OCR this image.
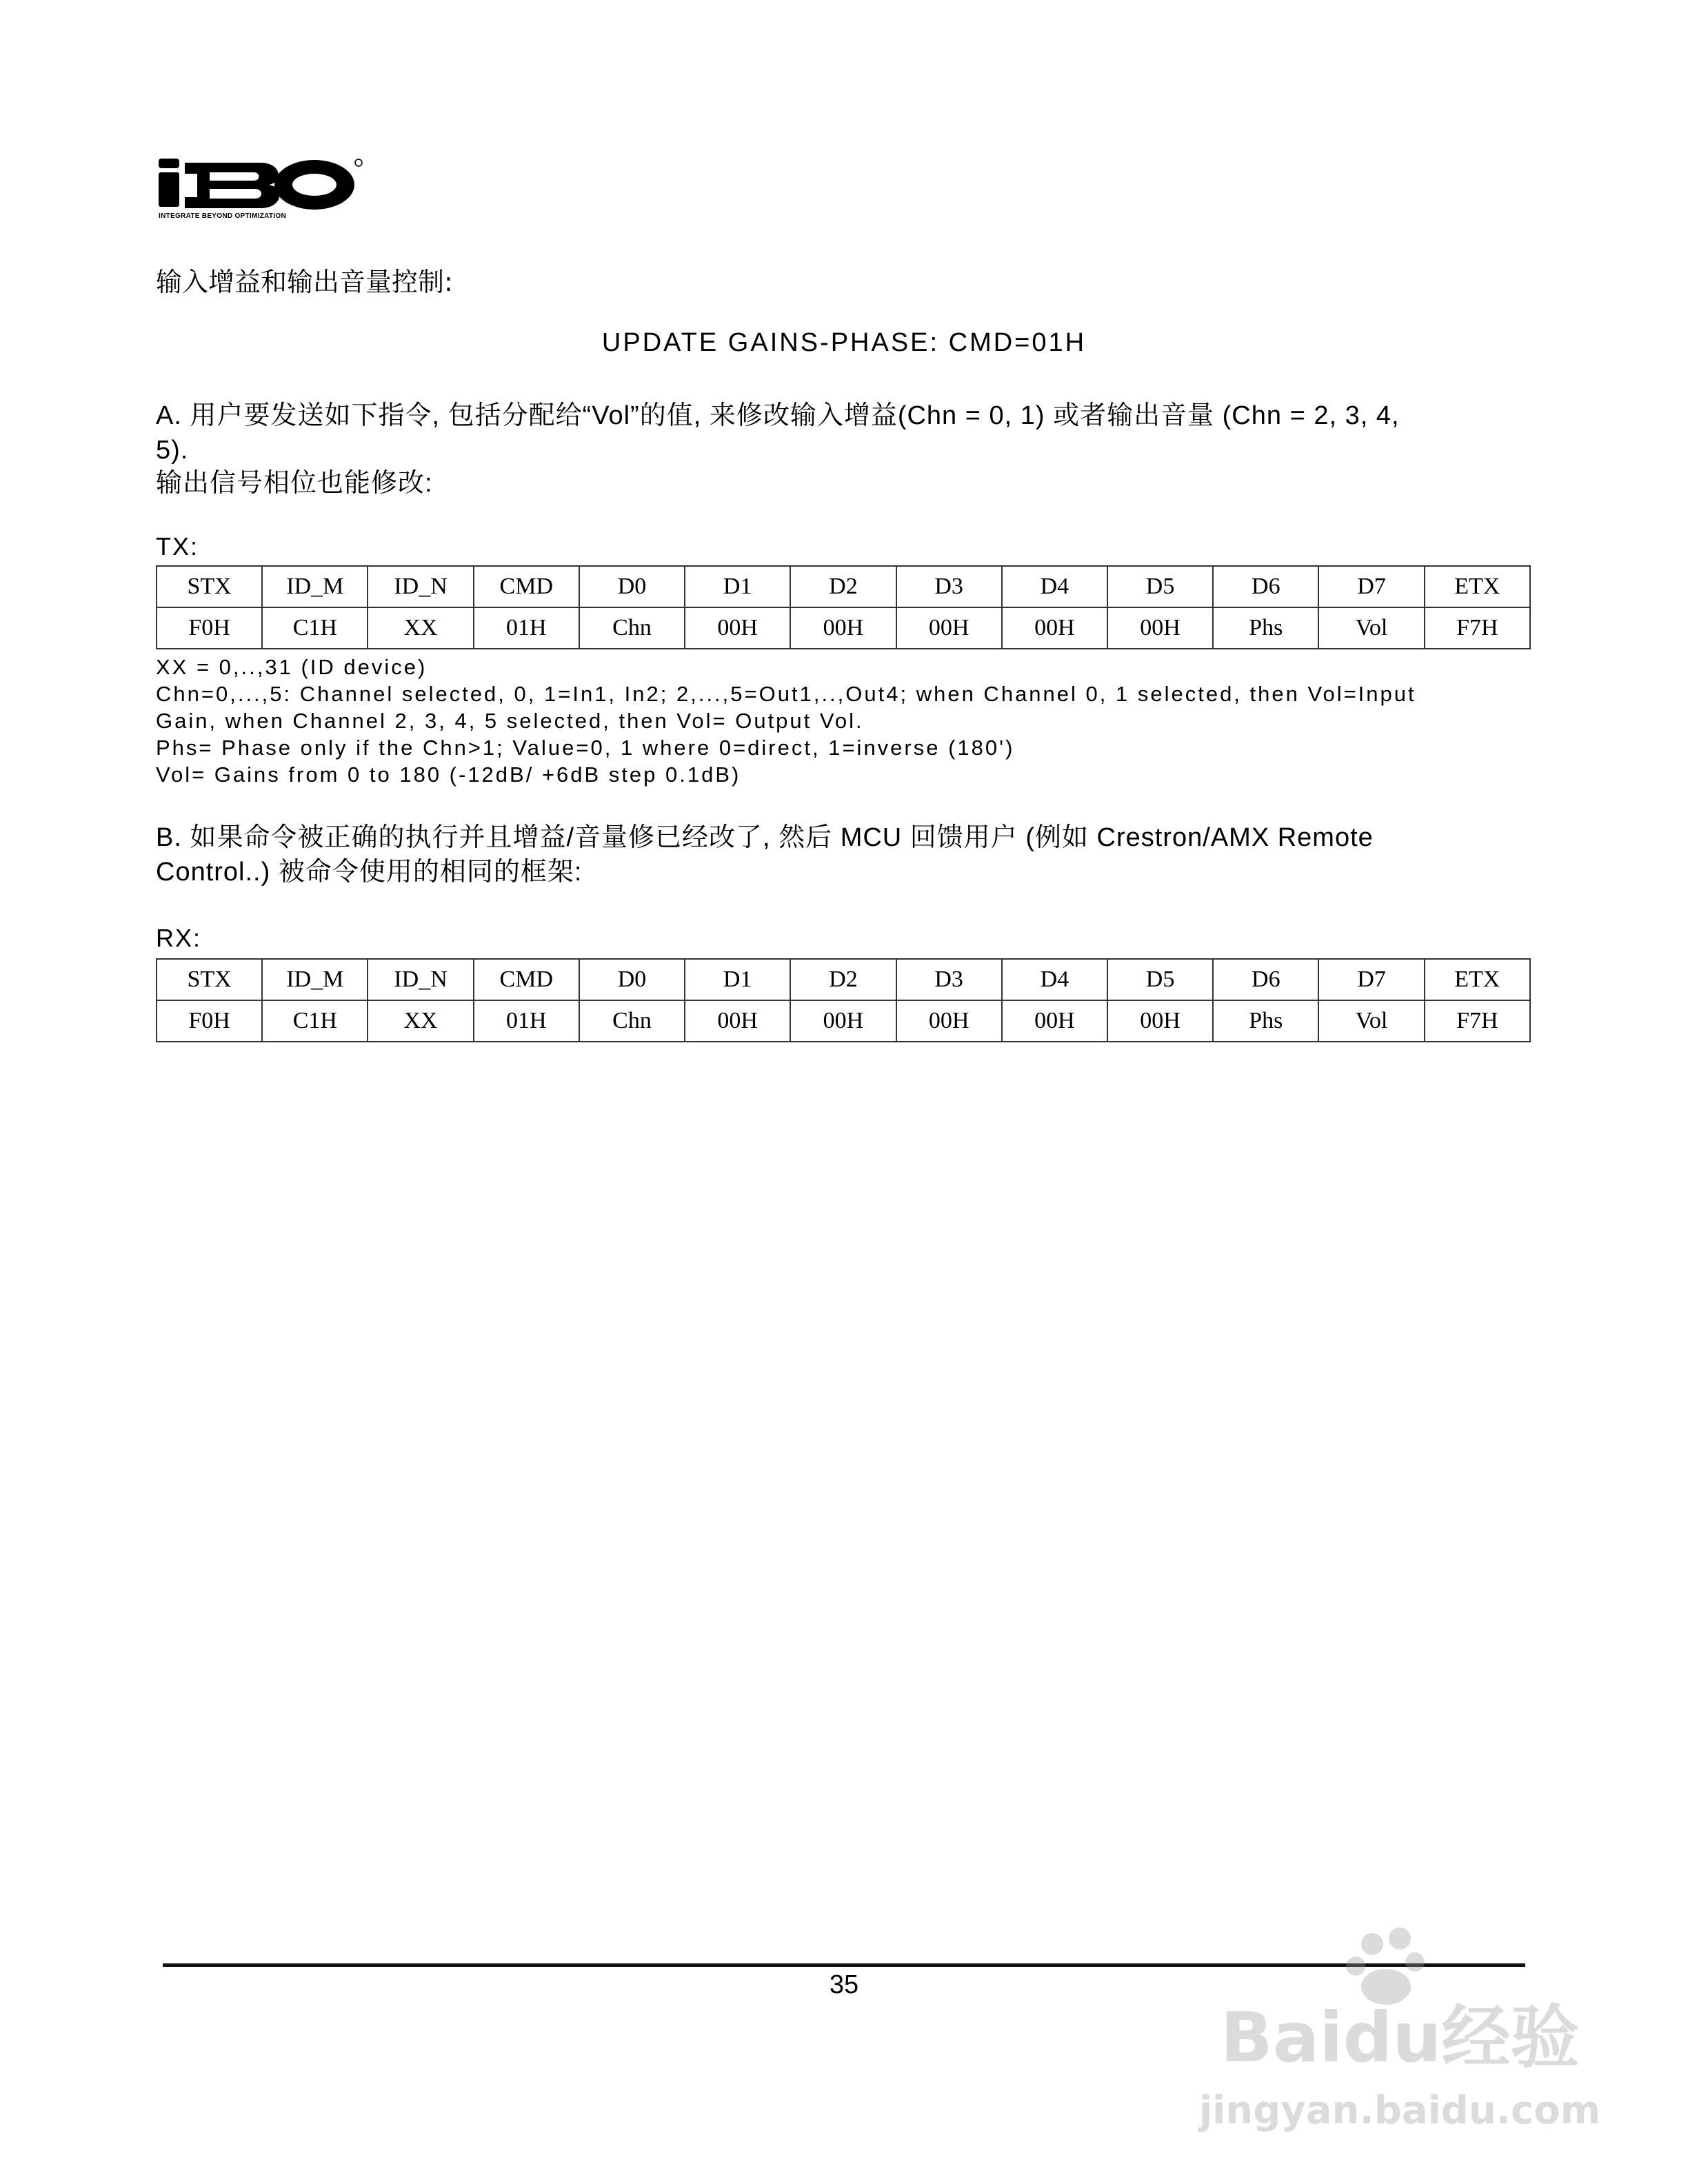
INTEGRATE BEYOND OPTIMIZATION
输入增益和输出音量控制:
UPDATE GAINS-PHASE: CMD=01H
A. 用户要发送如下指令, 包括分配给“Vol”的值, 来修改输入增益(Chn = 0, 1) 或者输出音量 (Chn = 2, 3, 4,
5).
输出信号相位也能修改:
TX:
STX	ID_M	ID_N	CMD	D0	D1	D2	D3	D4	D5	D6	D7	ETX
F0H	C1H	XX	01H	Chn	00H	00H	00H	00H	00H	Phs	Vol	F7H
XX = 0,..,31 (ID device)
Chn=0,...,5: Channel selected, 0, 1=In1, In2; 2,...,5=Out1,..,Out4; when Channel 0, 1 selected, then Vol=Input
Gain, when Channel 2, 3, 4, 5 selected, then Vol= Output Vol.
Phs= Phase only if the Chn>1; Value=0, 1 where 0=direct, 1=inverse (180')
Vol= Gains from 0 to 180 (-12dB/ +6dB step 0.1dB)
B. 如果命令被正确的执行并且增益/音量修已经改了, 然后 MCU 回馈用户 (例如 Crestron/AMX Remote
Control..) 被命令使用的相同的框架:
RX:
STX	ID_M	ID_N	CMD	D0	D1	D2	D3	D4	D5	D6	D7	ETX
F0H	C1H	XX	01H	Chn	00H	00H	00H	00H	00H	Phs	Vol	F7H
35
Baidu经验
jingyan.baidu.com
